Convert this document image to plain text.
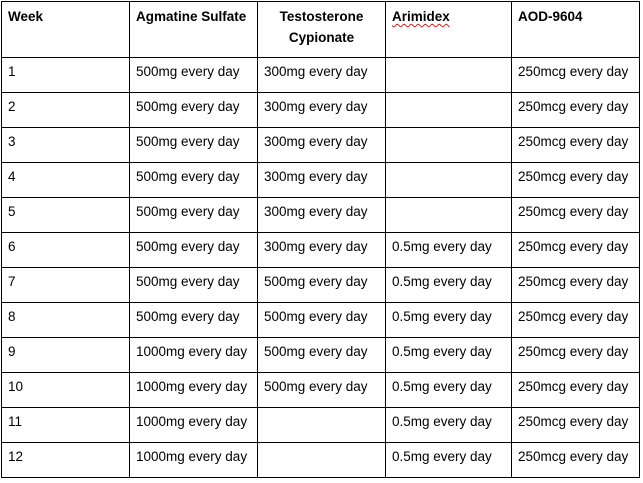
Week	Agmatine Sulfate	Testosterone Cypionate	Arimidex	AOD-9604
1	500mg every day	300mg every day		250mcg every day
2	500mg every day	300mg every day		250mcg every day
3	500mg every day	300mg every day		250mcg every day
4	500mg every day	300mg every day		250mcg every day
5	500mg every day	300mg every day		250mcg every day
6	500mg every day	300mg every day	0.5mg every day	250mcg every day
7	500mg every day	500mg every day	0.5mg every day	250mcg every day
8	500mg every day	500mg every day	0.5mg every day	250mcg every day
9	1000mg every day	500mg every day	0.5mg every day	250mcg every day
10	1000mg every day	500mg every day	0.5mg every day	250mcg every day
11	1000mg every day		0.5mg every day	250mcg every day
12	1000mg every day		0.5mg every day	250mcg every day
